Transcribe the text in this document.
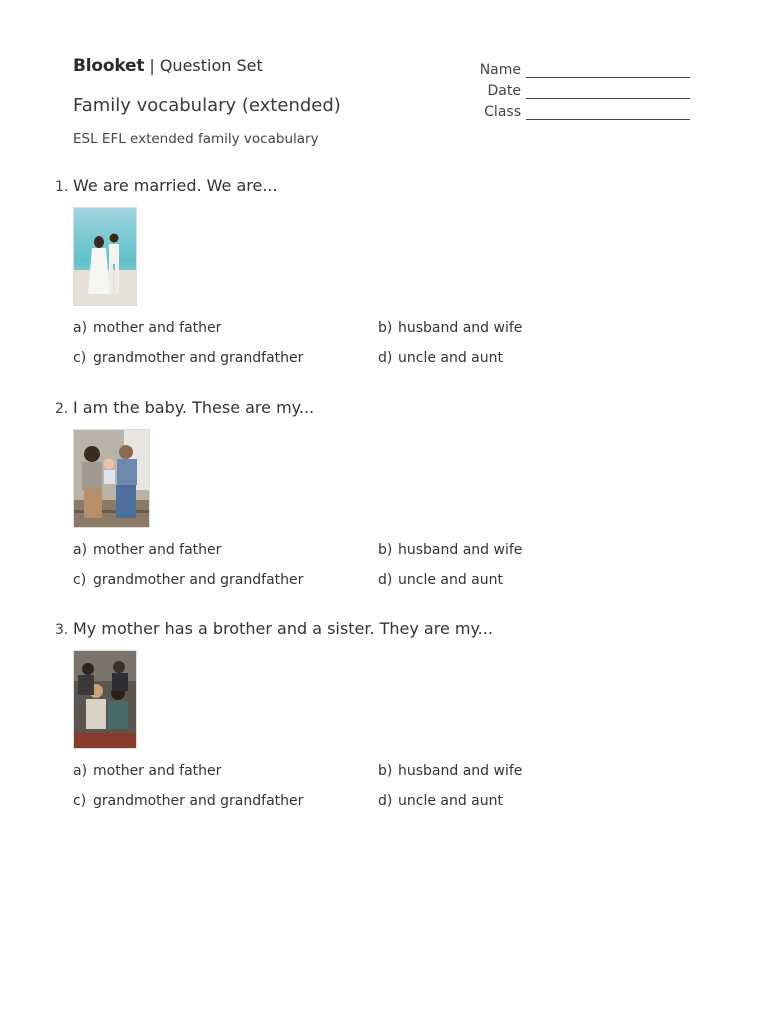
Blooket | Question Set
Family vocabulary (extended)
ESL EFL extended family vocabulary
Name
Date
Class
1. We are married. We are...
a) mother and father	b) husband and wife
c) grandmother and grandfather	d) uncle and aunt
2. I am the baby. These are my...
a) mother and father	b) husband and wife
c) grandmother and grandfather	d) uncle and aunt
3. My mother has a brother and a sister. They are my...
a) mother and father	b) husband and wife
c) grandmother and grandfather	d) uncle and aunt
